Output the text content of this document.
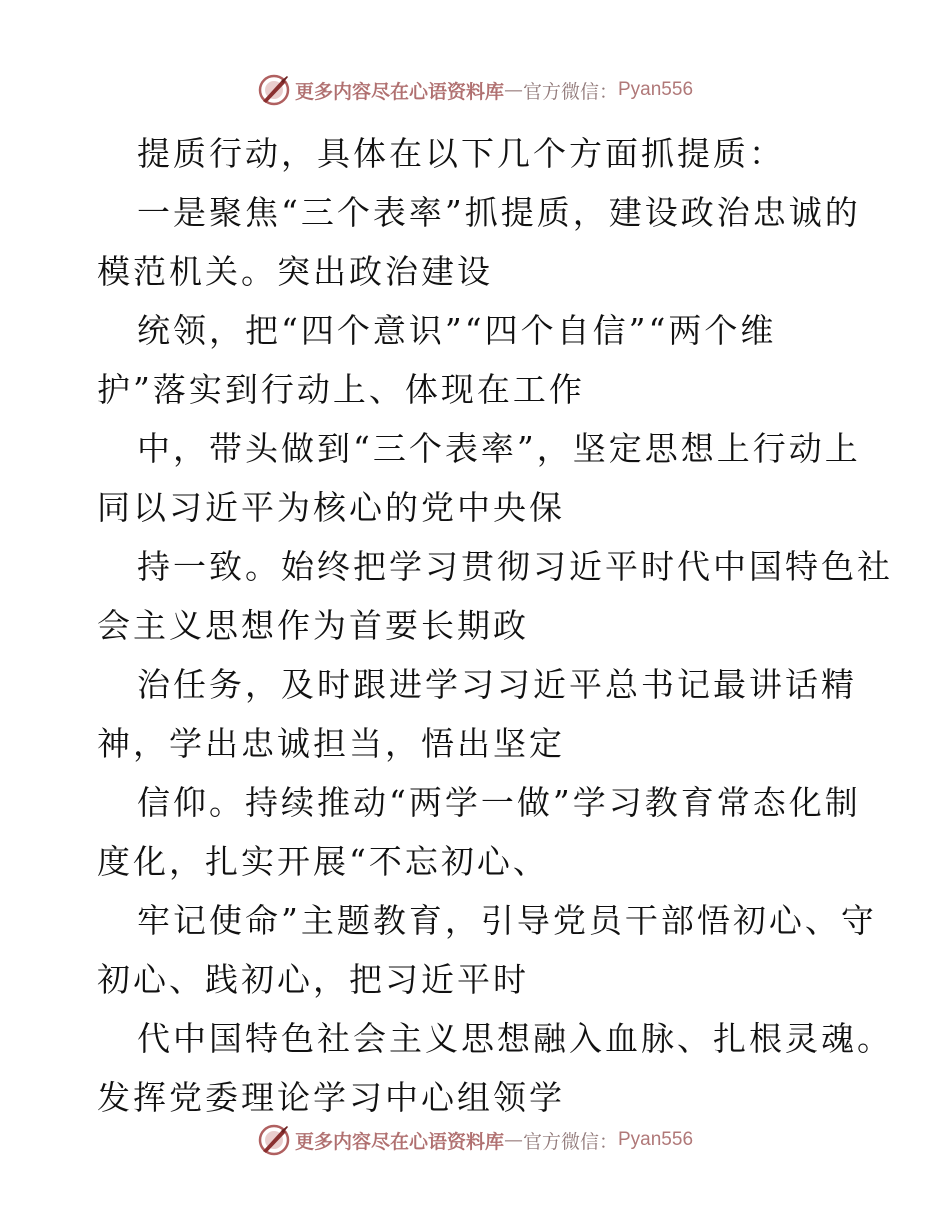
更多内容尽在心语资料库 — 官方微信： Pyan556
提质行动，具体在以下几个方面抓提质：
一是聚焦“三个表率”抓提质，建设政治忠诚的
模范机关。突出政治建设
统领，把“四个意识”“四个自信”“两个维
护”落实到行动上、体现在工作
中，带头做到“三个表率”，坚定思想上行动上
同以习近平为核心的党中央保
持一致。始终把学习贯彻习近平时代中国特色社
会主义思想作为首要长期政
治任务，及时跟进学习习近平总书记最讲话精
神，学出忠诚担当，悟出坚定
信仰。持续推动“两学一做”学习教育常态化制
度化，扎实开展“不忘初心、
牢记使命”主题教育，引导党员干部悟初心、守
初心、践初心，把习近平时
代中国特色社会主义思想融入血脉、扎根灵魂。
发挥党委理论学习中心组领学
更多内容尽在心语资料库 — 官方微信： Pyan556
